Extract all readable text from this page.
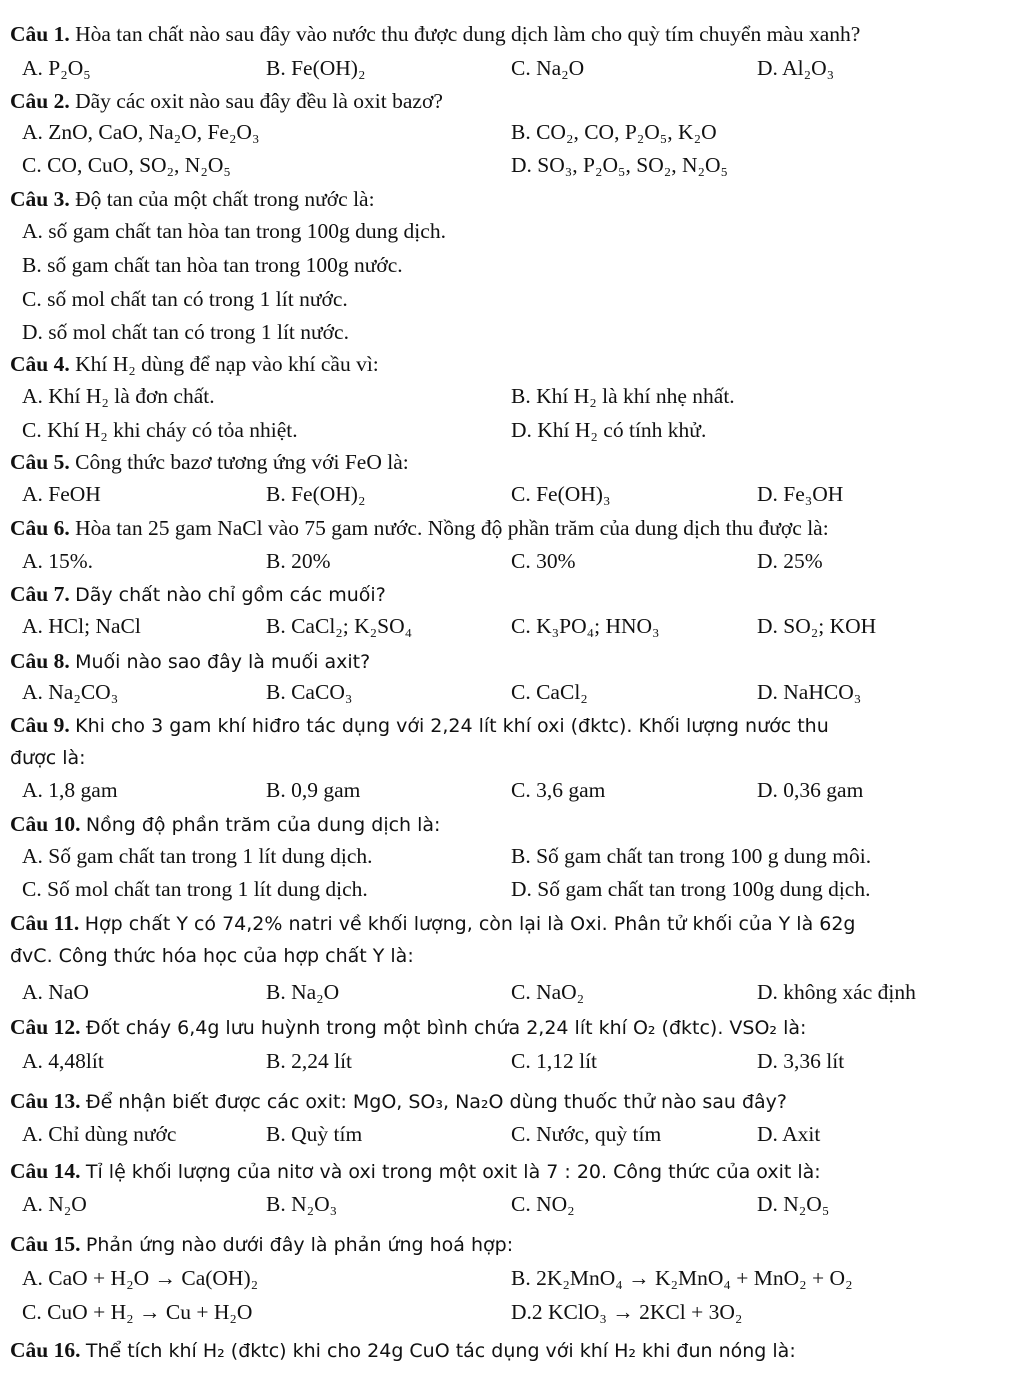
Câu 1. Hòa tan chất nào sau đây vào nước thu được dung dịch làm cho quỳ tím chuyển màu xanh?
A. P₂O₅	B. Fe(OH)₂	C. Na₂O	D. Al₂O₃
Câu 2. Dãy các oxit nào sau đây đều là oxit bazơ?
A. ZnO, CaO, Na₂O, Fe₂O₃	B. CO₂, CO, P₂O₅, K₂O
C. CO, CuO, SO₂, N₂O₅	D. SO₃, P₂O₅, SO₂, N₂O₅
Câu 3. Độ tan của một chất trong nước là:
A. số gam chất tan hòa tan trong 100g dung dịch.
B. số gam chất tan hòa tan trong 100g nước.
C. số mol chất tan có trong 1 lít nước.
D. số mol chất tan có trong 1 lít nước.
Câu 4. Khí H₂ dùng để nạp vào khí cầu vì:
A. Khí H₂ là đơn chất.	B. Khí H₂ là khí nhẹ nhất.
C. Khí H₂ khi cháy có tỏa nhiệt.	D. Khí H₂ có tính khử.
Câu 5. Công thức bazơ tương ứng với FeO là:
A. FeOH	B. Fe(OH)₂	C. Fe(OH)₃	D. Fe₃OH
Câu 6. Hòa tan 25 gam NaCl vào 75 gam nước. Nồng độ phần trăm của dung dịch thu được là:
A. 15%.	B. 20%	C. 30%	D. 25%
Câu 7. Dãy chất nào chỉ gồm các muối?
A. HCl; NaCl	B. CaCl₂; K₂SO₄	C. K₃PO₄; HNO₃	D. SO₂; KOH
Câu 8. Muối nào sao đây là muối axit?
A. Na₂CO₃	B. CaCO₃	C. CaCl₂	D. NaHCO₃
Câu 9. Khi cho 3 gam khí hiđro tác dụng với 2,24 lít khí oxi (đktc). Khối lượng nước thu
được là:
A. 1,8 gam	B. 0,9 gam	C. 3,6 gam	D. 0,36 gam
Câu 10. Nồng độ phần trăm của dung dịch là:
A. Số gam chất tan trong 1 lít dung dịch.	B. Số gam chất tan trong 100 g dung môi.
C. Số mol chất tan trong 1 lít dung dịch.	D. Số gam chất tan trong 100g dung dịch.
Câu 11. Hợp chất Y có 74,2% natri về khối lượng, còn lại là Oxi. Phân tử khối của Y là 62g
đvC. Công thức hóa học của hợp chất Y là:
A. NaO	B. Na₂O	C. NaO₂	D. không xác định
Câu 12. Đốt cháy 6,4g lưu huỳnh trong một bình chứa 2,24 lít khí O₂ (đktc). VSO₂ là:
A. 4,48lít	B. 2,24 lít	C. 1,12 lít	D. 3,36 lít
Câu 13. Để nhận biết được các oxit: MgO, SO₃, Na₂O dùng thuốc thử nào sau đây?
A. Chỉ dùng nước	B. Quỳ tím	C. Nước, quỳ tím	D. Axit
Câu 14. Tỉ lệ khối lượng của nitơ và oxi trong một oxit là 7 : 20. Công thức của oxit là:
A. N₂O	B. N₂O₃	C. NO₂	D. N₂O₅
Câu 15. Phản ứng nào dưới đây là phản ứng hoá hợp:
A. CaO + H₂O → Ca(OH)₂	B. 2K₂MnO₄ → K₂MnO₄ + MnO₂ + O₂
C. CuO + H₂ → Cu + H₂O	D.2 KClO₃ → 2KCl + 3O₂
Câu 16. Thể tích khí H₂ (đktc) khi cho 24g CuO tác dụng với khí H₂ khi đun nóng là:
